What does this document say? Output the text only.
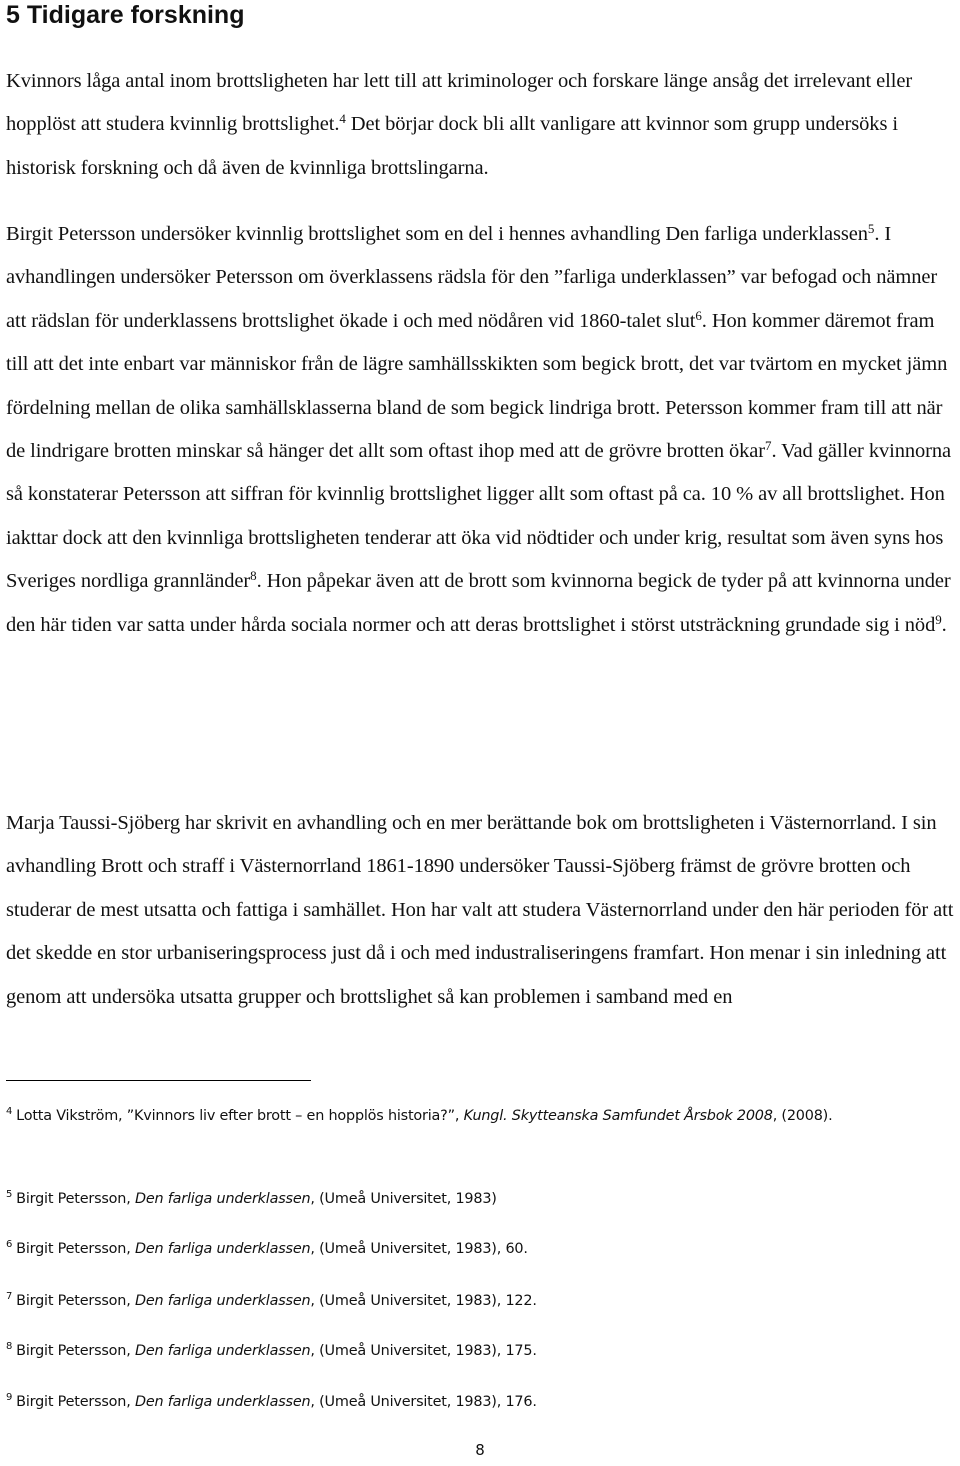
5 Tidigare forskning

Kvinnors låga antal inom brottsligheten har lett till att kriminologer och forskare länge ansåg det irrelevant eller hopplöst att studera kvinnlig brottslighet.$^4$ Det börjar dock bli allt vanligare att kvinnor som grupp undersöks i historisk forskning och då även de kvinnliga brottslingarna.

Birgit Petersson undersöker kvinnlig brottslighet som en del i hennes avhandling Den farliga underklassen$^5$. I avhandlingen undersöker Petersson om överklassens rädsla för den ”farliga underklassen” var befogad och nämner att rädslan för underklassens brottslighet ökade i och med nödåren vid 1860-talet slut$^6$. Hon kommer däremot fram till att det inte enbart var människor från de lägre samhällsskikten som begick brott, det var tvärtom en mycket jämn fördelning mellan de olika samhällsklasserna bland de som begick lindriga brott. Petersson kommer fram till att när de lindrigare brotten minskar så hänger det allt som oftast ihop med att de grövre brotten ökar$^7$. Vad gäller kvinnorna så konstaterar Petersson att siffran för kvinnlig brottslighet ligger allt som oftast på ca. 10 % av all brottslighet. Hon iakttar dock att den kvinnliga brottsligheten tenderar att öka vid nödtider och under krig, resultat som även syns hos Sveriges nordliga grannländer$^8$. Hon påpekar även att de brott som kvinnorna begick de tyder på att kvinnorna under den här tiden var satta under hårda sociala normer och att deras brottslighet i störst utsträckning grundade sig i nöd$^9$.

Marja Taussi-Sjöberg har skrivit en avhandling och en mer berättande bok om brottsligheten i Västernorrland. I sin avhandling Brott och straff i Västernorrland 1861-1890 undersöker Taussi-Sjöberg främst de grövre brotten och studerar de mest utsatta och fattiga i samhället. Hon har valt att studera Västernorrland under den här perioden för att det skedde en stor urbaniseringsprocess just då i och med industraliseringens framfart. Hon menar i sin inledning att genom att undersöka utsatta grupper och brottslighet så kan problemen i samband med en

$^4$ Lotta Vikström, ”Kvinnors liv efter brott – en hopplös historia?”, Kungl. Skytteanska Samfundet Årsbok 2008, (2008).

$^5$ Birgit Petersson, Den farliga underklassen, (Umeå Universitet, 1983)

$^6$ Birgit Petersson, Den farliga underklassen, (Umeå Universitet, 1983), 60.

$^7$ Birgit Petersson, Den farliga underklassen, (Umeå Universitet, 1983), 122.

$^8$ Birgit Petersson, Den farliga underklassen, (Umeå Universitet, 1983), 175.

$^9$ Birgit Petersson, Den farliga underklassen, (Umeå Universitet, 1983), 176.

8
